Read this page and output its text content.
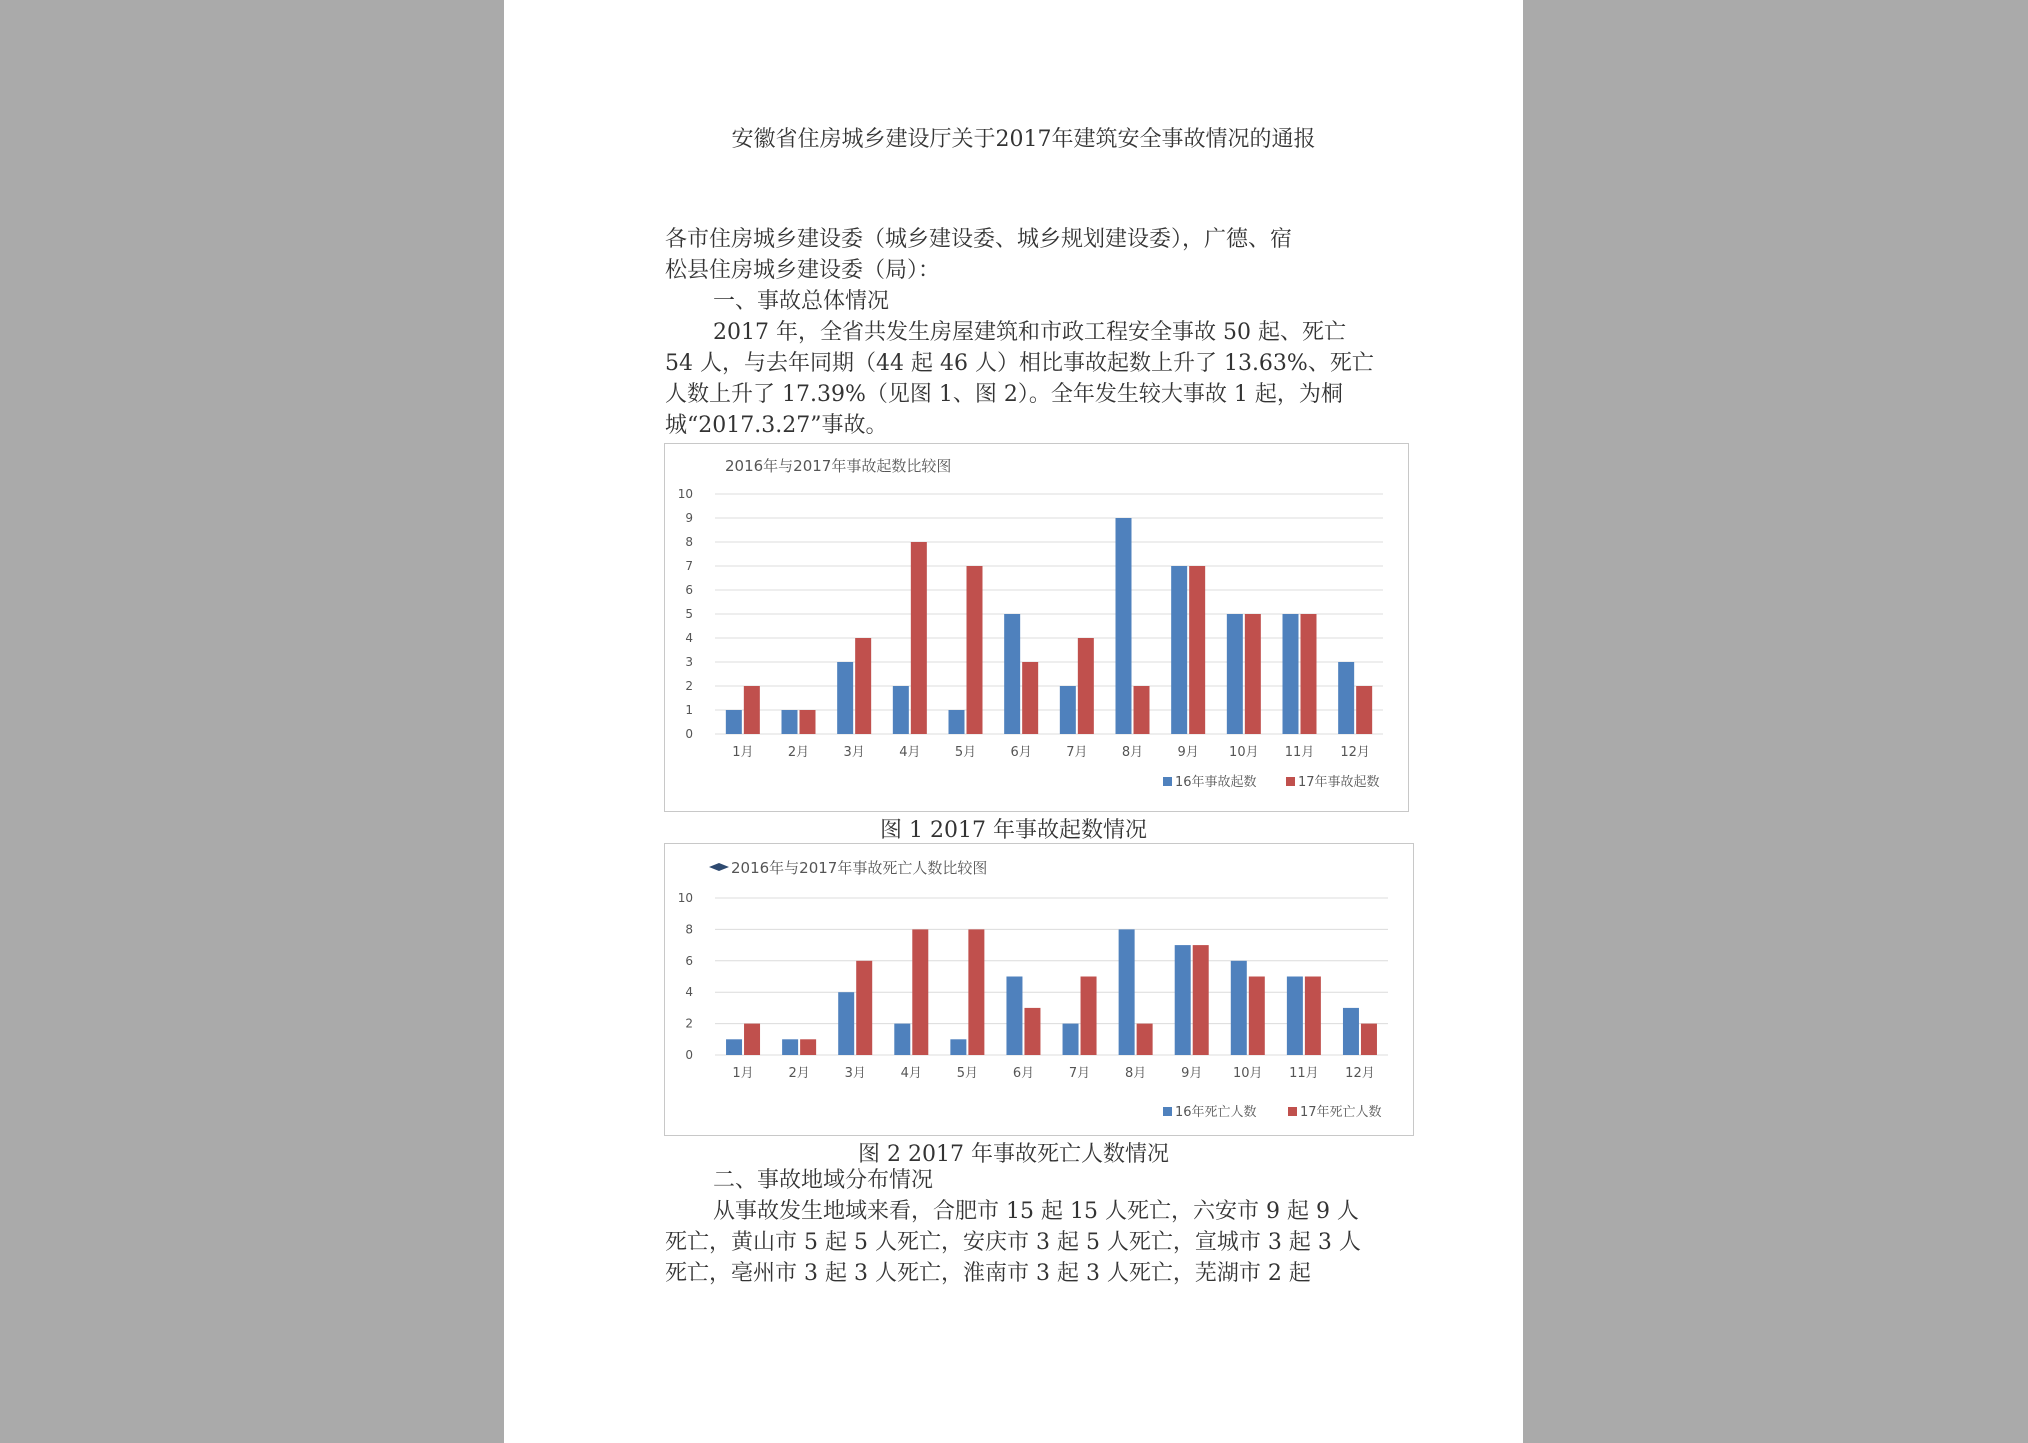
安徽省住房城乡建设厅关于2017年建筑安全事故情况的通报

各市住房城乡建设委（城乡建设委、城乡规划建设委），广德、宿

松县住房城乡建设委（局）：

一、事故总体情况

2017 年，全省共发生房屋建筑和市政工程安全事故 50 起、死亡 54 人，与去年同期（44 起 46 人）相比事故起数上升了 13.63%、死亡人数上升了 17.39%（见图 1、图 2）。全年发生较大事故 1 起，为桐城“2017.3.27”事故。

2016年与2017年事故起数比较图
0
1
2
3
4
5
6
7
8
9
10
1月	2月	3月	4月	5月	6月	7月	8月	9月 10月 11月 12月
16年事故起数	17年事故起数
图 1 2017 年事故起数情况
2016年与2017年事故死亡人数比较图
0
2
4
6
8
10
1月	2月	3月	4月	5月	6月	7月	8月	9月 10月 11月 12月
16年死亡人数	17年死亡人数
图 2 2017 年事故死亡人数情况

二、事故地域分布情况

从事故发生地域来看，合肥市 15 起 15 人死亡，六安市 9 起 9 人死亡，黄山市 5 起 5 人死亡，安庆市 3 起 5 人死亡，宣城市 3 起 3 人死亡，亳州市 3 起 3 人死亡，淮南市 3 起 3 人死亡，芜湖市 2 起
